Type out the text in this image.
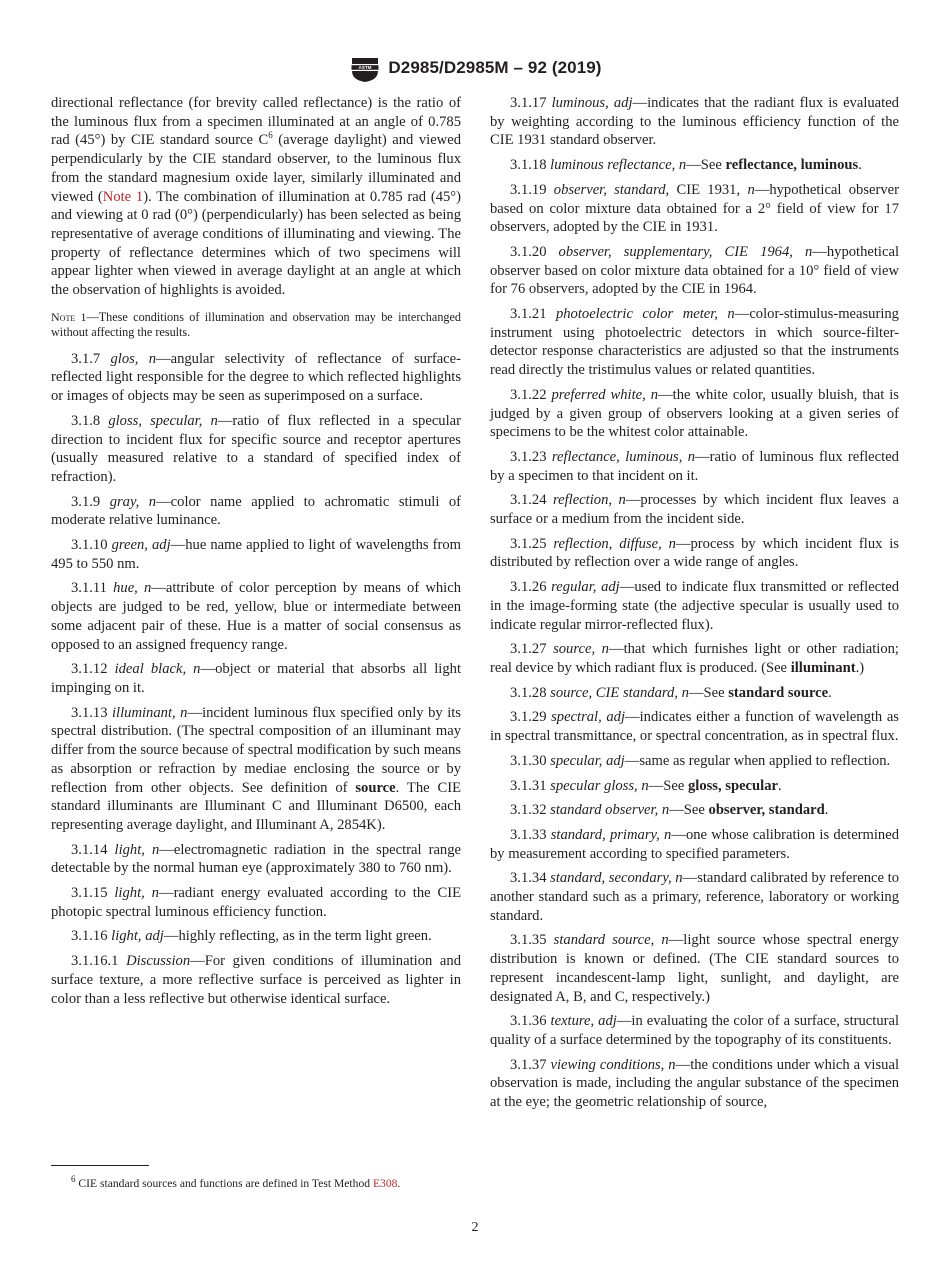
ASTM D2985/D2985M – 92 (2019)

directional reflectance (for brevity called reflectance) is the ratio of the luminous flux from a specimen illuminated at an angle of 0.785 rad (45°) by CIE standard source $C^6$ (average daylight) and viewed perpendicularly by the CIE standard observer, to the luminous flux from the standard magnesium oxide layer, similarly illuminated and viewed (Note 1). The combination of illumination at 0.785 rad (45°) and viewing at 0 rad (0°) (perpendicularly) has been selected as being representative of average conditions of illuminating and viewing. The property of reflectance determines which of two specimens will appear lighter when viewed in average daylight at an angle at which the observation of highlights is avoided.

Note 1—These conditions of illumination and observation may be interchanged without affecting the results.

3.1.7 glos, n—angular selectivity of reflectance of surface-reflected light responsible for the degree to which reflected highlights or images of objects may be seen as superimposed on a surface.

3.1.8 gloss, specular, n—ratio of flux reflected in a specular direction to incident flux for specific source and receptor apertures (usually measured relative to a standard of specified index of refraction).

3.1.9 gray, n—color name applied to achromatic stimuli of moderate relative luminance.

3.1.10 green, adj—hue name applied to light of wavelengths from 495 to 550 nm.

3.1.11 hue, n—attribute of color perception by means of which objects are judged to be red, yellow, blue or intermediate between some adjacent pair of these. Hue is a matter of social consensus as opposed to an assigned frequency range.

3.1.12 ideal black, n—object or material that absorbs all light impinging on it.

3.1.13 illuminant, n—incident luminous flux specified only by its spectral distribution. (The spectral composition of an illuminant may differ from the source because of spectral modification by such means as absorption or refraction by mediae enclosing the source or by reflection from other objects. See definition of source. The CIE standard illuminants are Illuminant C and Illuminant D6500, each representing average daylight, and Illuminant A, 2854K).

3.1.14 light, n—electromagnetic radiation in the spectral range detectable by the normal human eye (approximately 380 to 760 nm).

3.1.15 light, n—radiant energy evaluated according to the CIE photopic spectral luminous efficiency function.

3.1.16 light, adj—highly reflecting, as in the term light green.

3.1.16.1 Discussion—For given conditions of illumination and surface texture, a more reflective surface is perceived as lighter in color than a less reflective but otherwise identical surface.

3.1.17 luminous, adj—indicates that the radiant flux is evaluated by weighting according to the luminous efficiency function of the CIE 1931 standard observer.

3.1.18 luminous reflectance, n—See reflectance, luminous.

3.1.19 observer, standard, CIE 1931, n—hypothetical observer based on color mixture data obtained for a 2° field of view for 17 observers, adopted by the CIE in 1931.

3.1.20 observer, supplementary, CIE 1964, n—hypothetical observer based on color mixture data obtained for a 10° field of view for 76 observers, adopted by the CIE in 1964.

3.1.21 photoelectric color meter, n—color-stimulus-measuring instrument using photoelectric detectors in which source-filter-detector response characteristics are adjusted so that the instruments read directly the tristimulus values or related quantities.

3.1.22 preferred white, n—the white color, usually bluish, that is judged by a given group of observers looking at a given series of specimens to be the whitest color attainable.

3.1.23 reflectance, luminous, n—ratio of luminous flux reflected by a specimen to that incident on it.

3.1.24 reflection, n—processes by which incident flux leaves a surface or a medium from the incident side.

3.1.25 reflection, diffuse, n—process by which incident flux is distributed by reflection over a wide range of angles.

3.1.26 regular, adj—used to indicate flux transmitted or reflected in the image-forming state (the adjective specular is usually used to indicate regular mirror-reflected flux).

3.1.27 source, n—that which furnishes light or other radiation; real device by which radiant flux is produced. (See illuminant.)

3.1.28 source, CIE standard, n—See standard source.

3.1.29 spectral, adj—indicates either a function of wavelength as in spectral transmittance, or spectral concentration, as in spectral flux.

3.1.30 specular, adj—same as regular when applied to reflection.

3.1.31 specular gloss, n—See gloss, specular.

3.1.32 standard observer, n—See observer, standard.

3.1.33 standard, primary, n—one whose calibration is determined by measurement according to specified parameters.

3.1.34 standard, secondary, n—standard calibrated by reference to another standard such as a primary, reference, laboratory or working standard.

3.1.35 standard source, n—light source whose spectral energy distribution is known or defined. (The CIE standard sources to represent incandescent-lamp light, sunlight, and daylight, are designated A, B, and C, respectively.)

3.1.36 texture, adj—in evaluating the color of a surface, structural quality of a surface determined by the topography of its constituents.

3.1.37 viewing conditions, n—the conditions under which a visual observation is made, including the angular substance of the specimen at the eye; the geometric relationship of source,

$^6$ CIE standard sources and functions are defined in Test Method E308.
2
